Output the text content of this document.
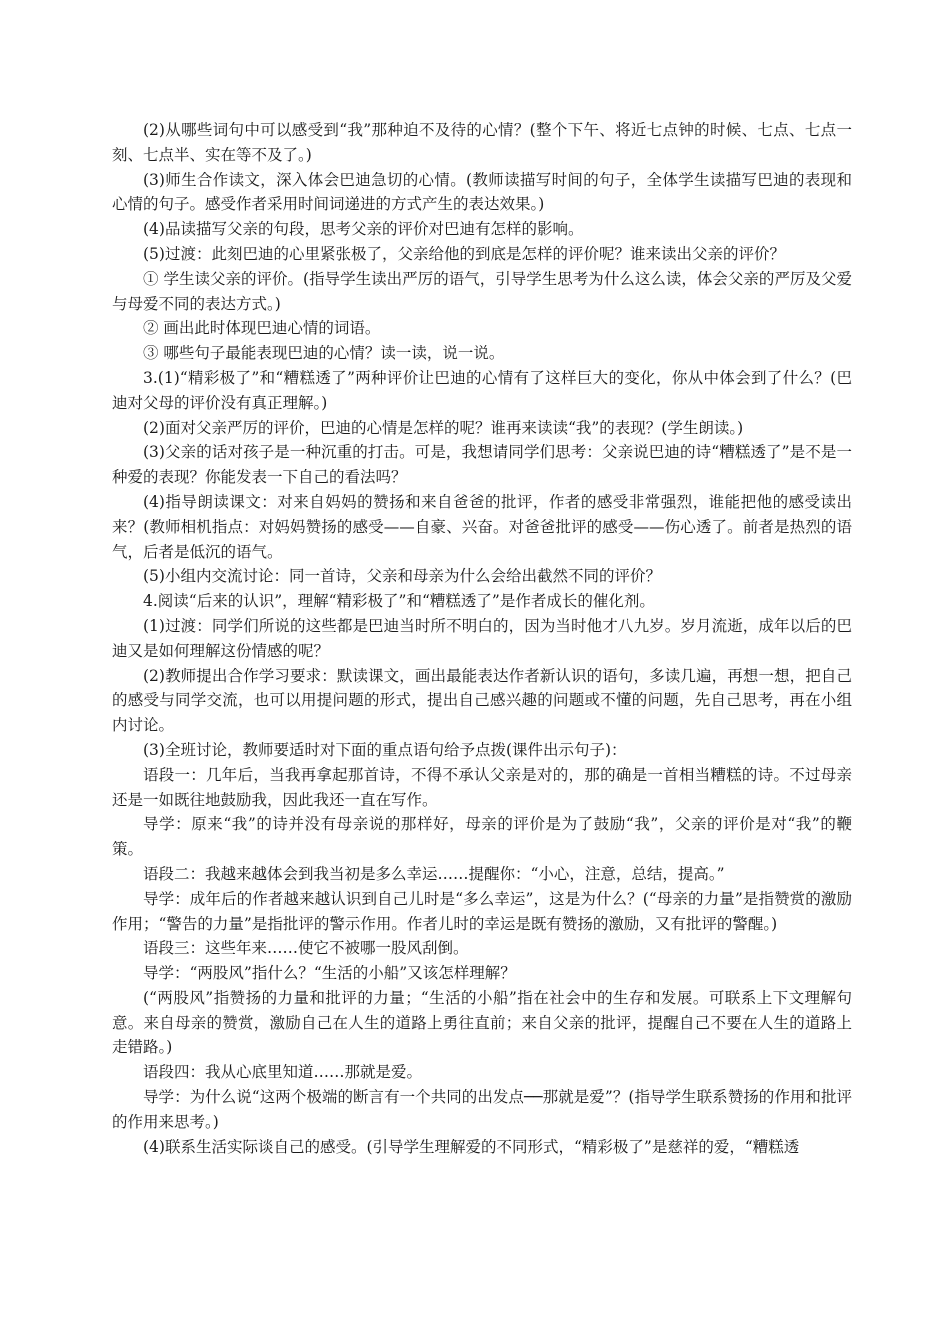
(2)从哪些词句中可以感受到“我”那种迫不及待的心情？(整个下午、将近七点钟的时候、七点、七点一刻、七点半、实在等不及了。)

(3)师生合作读文，深入体会巴迪急切的心情。(教师读描写时间的句子，全体学生读描写巴迪的表现和心情的句子。感受作者采用时间词递进的方式产生的表达效果。)

(4)品读描写父亲的句段，思考父亲的评价对巴迪有怎样的影响。

(5)过渡：此刻巴迪的心里紧张极了，父亲给他的到底是怎样的评价呢？谁来读出父亲的评价？

① 学生读父亲的评价。(指导学生读出严厉的语气，引导学生思考为什么这么读，体会父亲的严厉及父爱与母爱不同的表达方式。)

② 画出此时体现巴迪心情的词语。

③ 哪些句子最能表现巴迪的心情？读一读，说一说。

3.(1)“精彩极了”和“糟糕透了”两种评价让巴迪的心情有了这样巨大的变化，你从中体会到了什么？(巴迪对父母的评价没有真正理解。)

(2)面对父亲严厉的评价，巴迪的心情是怎样的呢？谁再来读读“我”的表现？(学生朗读。)

(3)父亲的话对孩子是一种沉重的打击。可是，我想请同学们思考：父亲说巴迪的诗“糟糕透了”是不是一种爱的表现？你能发表一下自己的看法吗？

(4)指导朗读课文：对来自妈妈的赞扬和来自爸爸的批评，作者的感受非常强烈，谁能把他的感受读出来？(教师相机指点：对妈妈赞扬的感受——自豪、兴奋。对爸爸批评的感受——伤心透了。前者是热烈的语气，后者是低沉的语气。

(5)小组内交流讨论：同一首诗，父亲和母亲为什么会给出截然不同的评价？

4.阅读“后来的认识”，理解“精彩极了”和“糟糕透了”是作者成长的催化剂。

(1)过渡：同学们所说的这些都是巴迪当时所不明白的，因为当时他才八九岁。岁月流逝，成年以后的巴迪又是如何理解这份情感的呢？

(2)教师提出合作学习要求：默读课文，画出最能表达作者新认识的语句，多读几遍，再想一想，把自己的感受与同学交流，也可以用提问题的形式，提出自己感兴趣的问题或不懂的问题，先自己思考，再在小组内讨论。

(3)全班讨论，教师要适时对下面的重点语句给予点拨(课件出示句子)：

语段一：几年后，当我再拿起那首诗，不得不承认父亲是对的，那的确是一首相当糟糕的诗。不过母亲还是一如既往地鼓励我，因此我还一直在写作。

导学：原来“我”的诗并没有母亲说的那样好，母亲的评价是为了鼓励“我”，父亲的评价是对“我”的鞭策。

语段二：我越来越体会到我当初是多么幸运……提醒你：“小心，注意，总结，提高。”

导学：成年后的作者越来越认识到自己儿时是“多么幸运”，这是为什么？(“母亲的力量”是指赞赏的激励作用；“警告的力量”是指批评的警示作用。作者儿时的幸运是既有赞扬的激励，又有批评的警醒。)

语段三：这些年来……使它不被哪一股风刮倒。

导学：“两股风”指什么？“生活的小船”又该怎样理解？

(“两股风”指赞扬的力量和批评的力量；“生活的小船”指在社会中的生存和发展。可联系上下文理解句意。来自母亲的赞赏，激励自己在人生的道路上勇往直前；来自父亲的批评，提醒自己不要在人生的道路上走错路。)

语段四：我从心底里知道……那就是爱。

导学：为什么说“这两个极端的断言有一个共同的出发点──那就是爱”？(指导学生联系赞扬的作用和批评的作用来思考。)

(4)联系生活实际谈自己的感受。(引导学生理解爱的不同形式，“精彩极了”是慈祥的爱，“糟糕透
